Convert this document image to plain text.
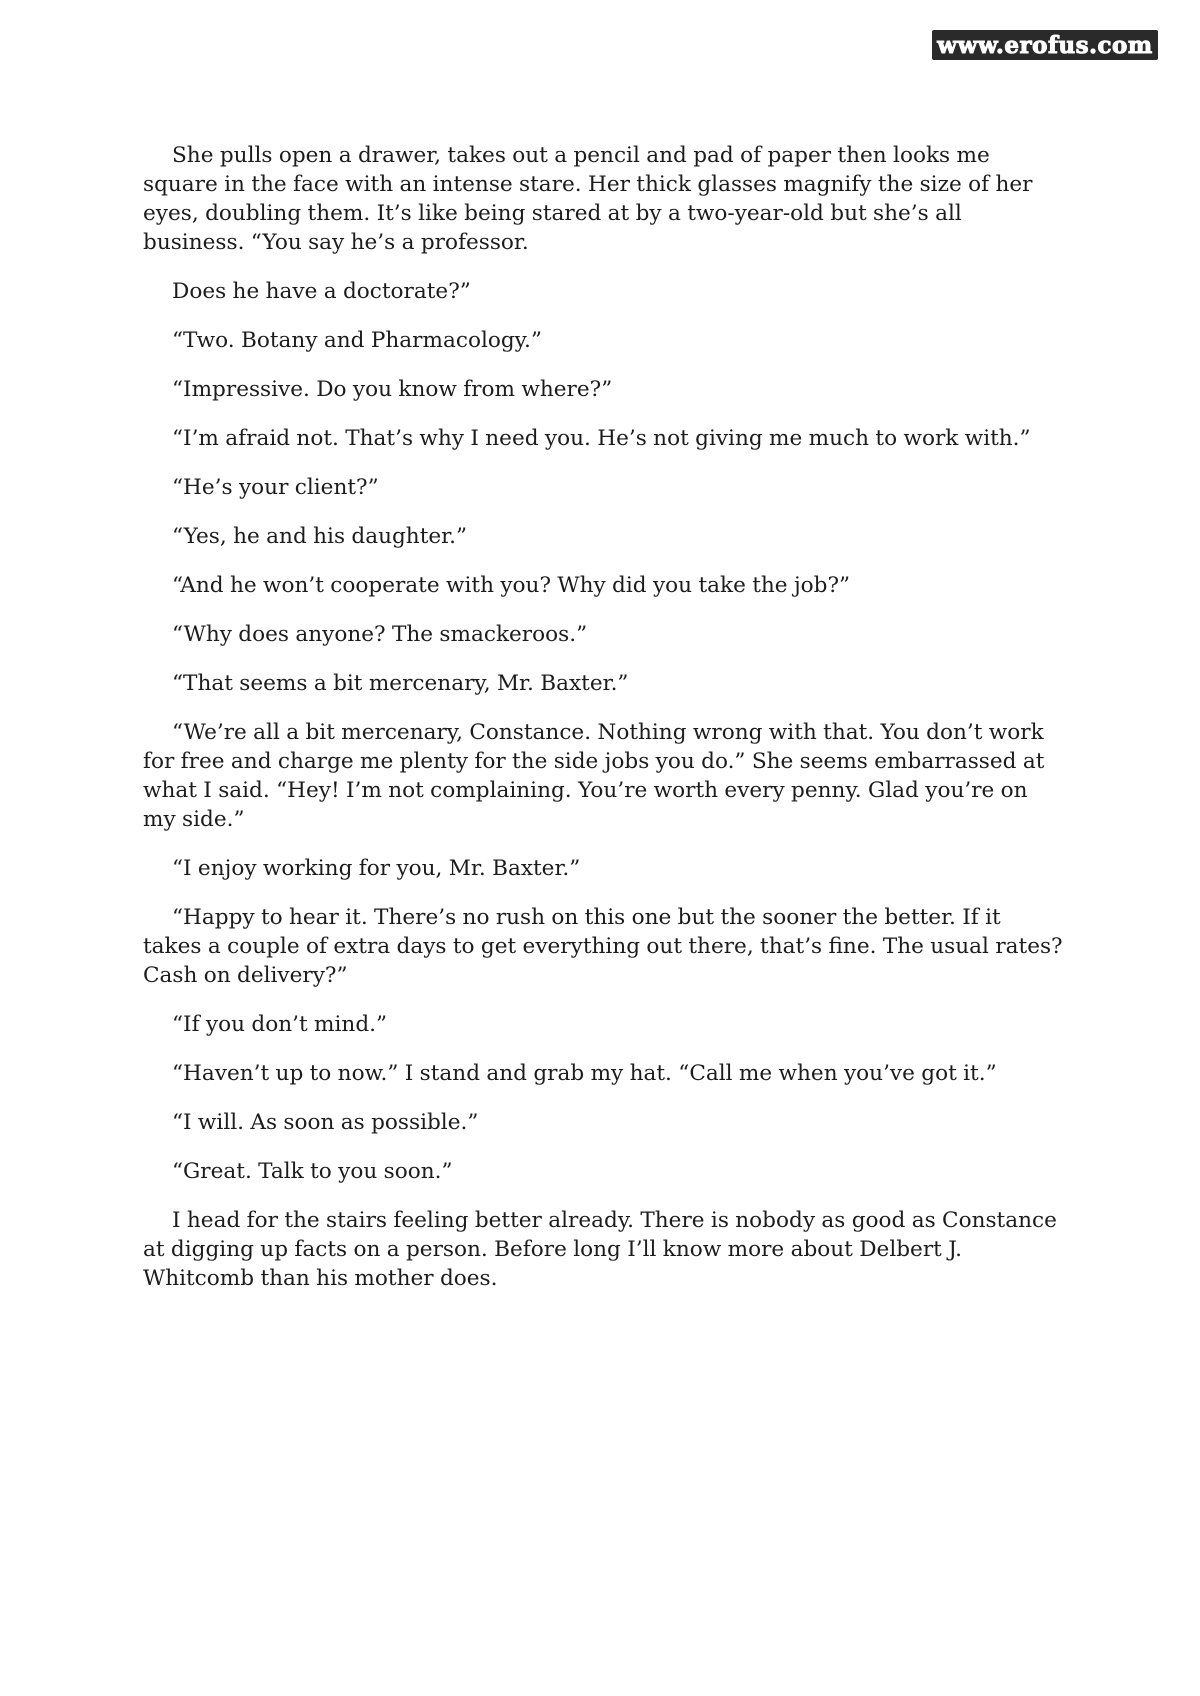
www.erofus.com

She pulls open a drawer, takes out a pencil and pad of paper then looks me square in the face with an intense stare. Her thick glasses magnify the size of her eyes, doubling them. It’s like being stared at by a two-year-old but she’s all business. “You say he’s a professor.

Does he have a doctorate?”

“Two. Botany and Pharmacology.”

“Impressive. Do you know from where?”

“I’m afraid not. That’s why I need you. He’s not giving me much to work with.”

“He’s your client?”

“Yes, he and his daughter.”

“And he won’t cooperate with you? Why did you take the job?”

“Why does anyone? The smackeroos.”

“That seems a bit mercenary, Mr. Baxter.”

“We’re all a bit mercenary, Constance. Nothing wrong with that. You don’t work for free and charge me plenty for the side jobs you do.” She seems embarrassed at what I said. “Hey! I’m not complaining. You’re worth every penny. Glad you’re on my side.”

“I enjoy working for you, Mr. Baxter.”

“Happy to hear it. There’s no rush on this one but the sooner the better. If it takes a couple of extra days to get everything out there, that’s fine. The usual rates? Cash on delivery?”

“If you don’t mind.”

“Haven’t up to now.” I stand and grab my hat. “Call me when you’ve got it.”

“I will. As soon as possible.”

“Great. Talk to you soon.”

I head for the stairs feeling better already. There is nobody as good as Constance at digging up facts on a person. Before long I’ll know more about Delbert J. Whitcomb than his mother does.
